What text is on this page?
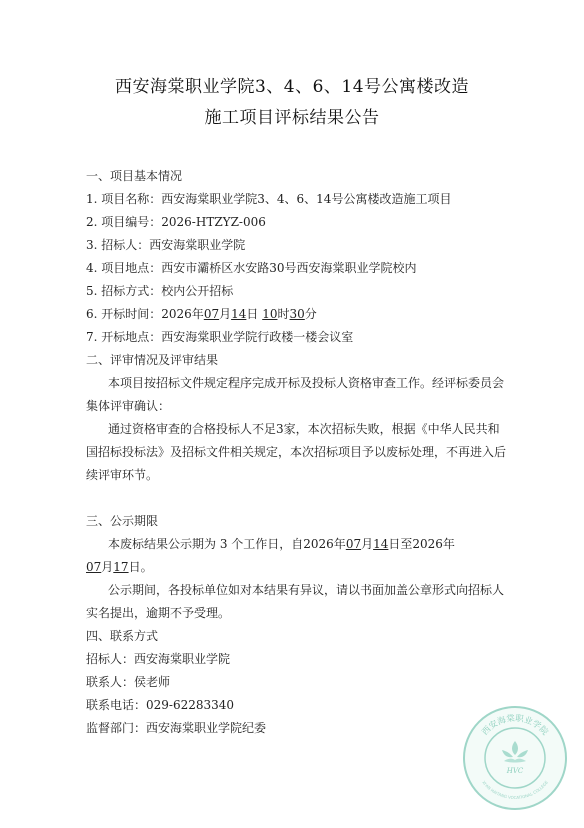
西安海棠职业学院3、4、6、14号公寓楼改造
施工项目评标结果公告
一、项目基本情况
1. 项目名称：西安海棠职业学院3、4、6、14号公寓楼改造施工项目
2. 项目编号：2026-HTZYZ-006
3. 招标人：西安海棠职业学院
4. 项目地点：西安市灞桥区水安路30号西安海棠职业学院校内
5. 招标方式：校内公开招标
6. 开标时间：2026年07月14日 10时30分
7. 开标地点：西安海棠职业学院行政楼一楼会议室
二、评审情况及评审结果
本项目按招标文件规定程序完成开标及投标人资格审查工作。经评标委员会
集体评审确认：
通过资格审查的合格投标人不足3家，本次招标失败，根据《中华人民共和
国招标投标法》及招标文件相关规定，本次招标项目予以废标处理，不再进入后
续评审环节。
三、公示期限
本废标结果公示期为 3 个工作日，自2026年07月14日至2026年
07月17日。
公示期间，各投标单位如对本结果有异议，请以书面加盖公章形式向招标人
实名提出，逾期不予受理。
四、联系方式
招标人：西安海棠职业学院
联系人：侯老师
联系电话：029-62283340
监督部门：西安海棠职业学院纪委	西安海棠职业学院
XI'AN HAITANG VOCATIONAL COLLEGE
HVC
